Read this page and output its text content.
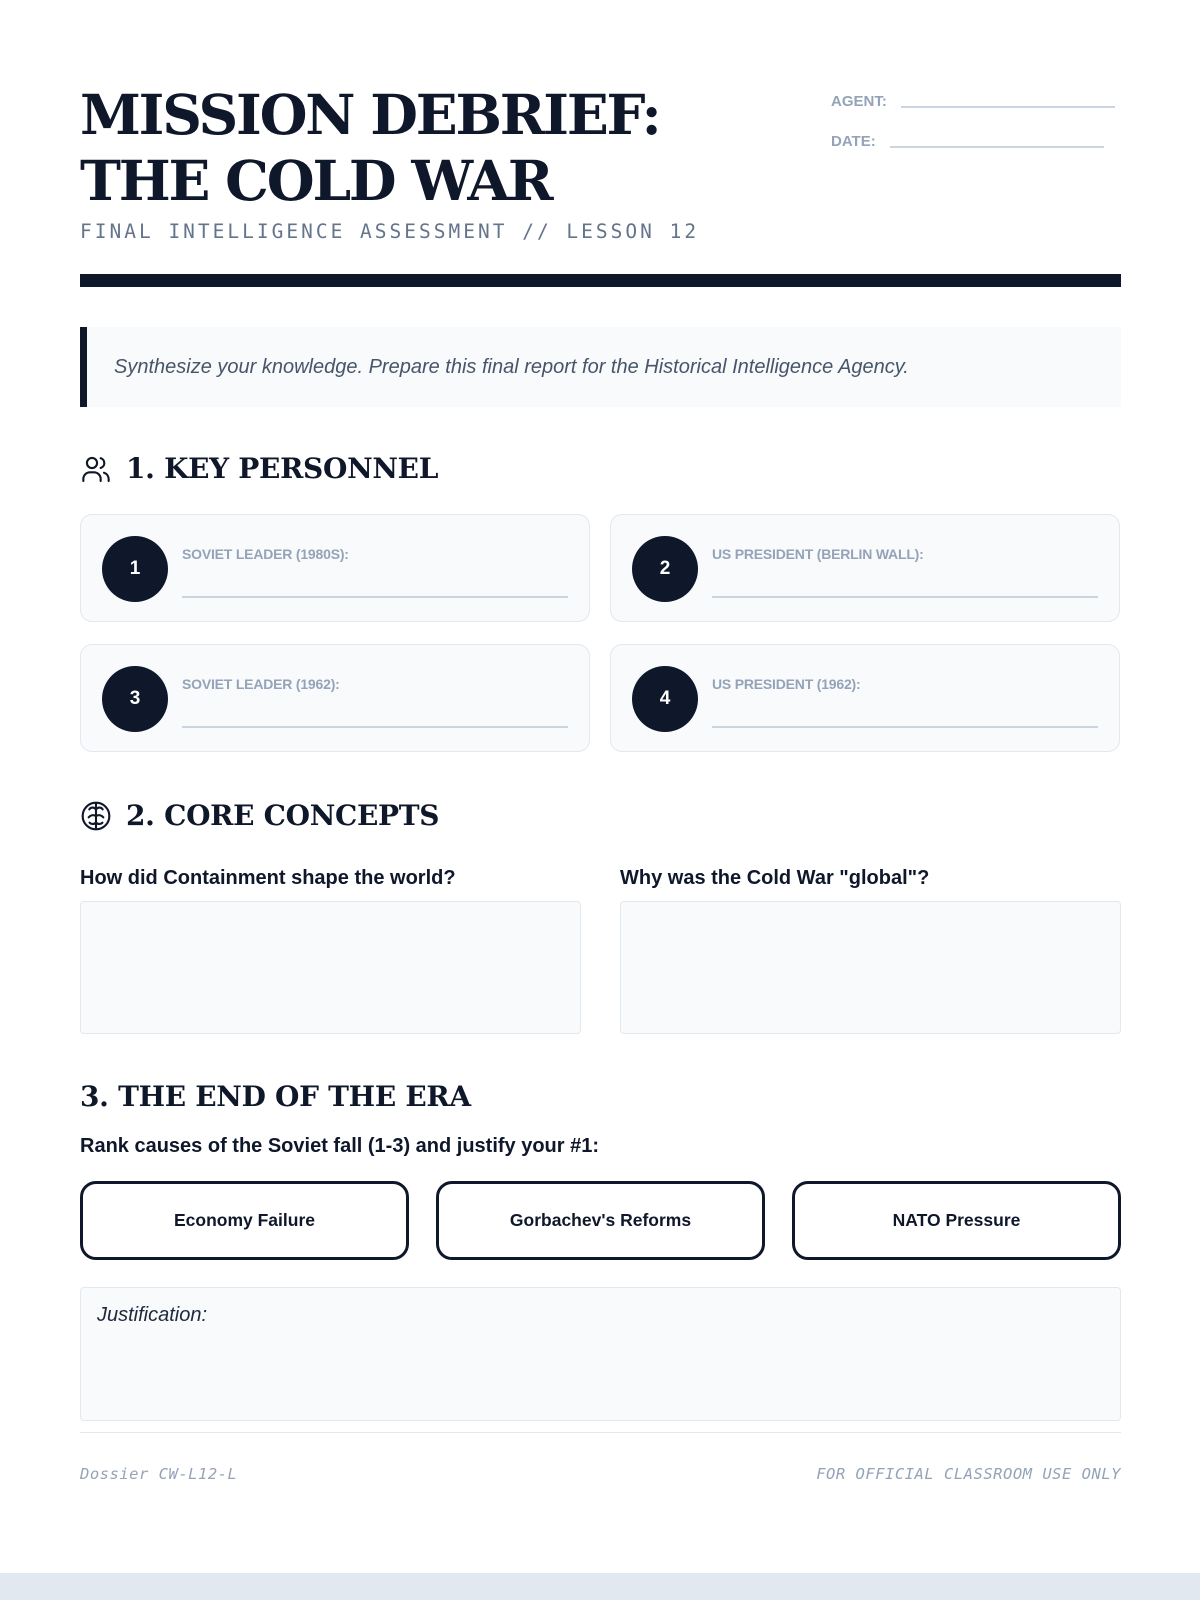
MISSION DEBRIEF: THE COLD WAR
FINAL INTELLIGENCE ASSESSMENT // LESSON 12
AGENT:
DATE:
Synthesize your knowledge. Prepare this final report for the Historical Intelligence Agency.
1. KEY PERSONNEL
1
SOVIET LEADER (1980S):
2
US PRESIDENT (BERLIN WALL):
3
SOVIET LEADER (1962):
4
US PRESIDENT (1962):
2. CORE CONCEPTS
How did Containment shape the world?	Why was the Cold War "global"?
3. THE END OF THE ERA
Rank causes of the Soviet fall (1-3) and justify your #1:
Economy Failure	Gorbachev's Reforms	NATO Pressure
Justification:
Dossier CW-L12-L	FOR OFFICIAL CLASSROOM USE ONLY
